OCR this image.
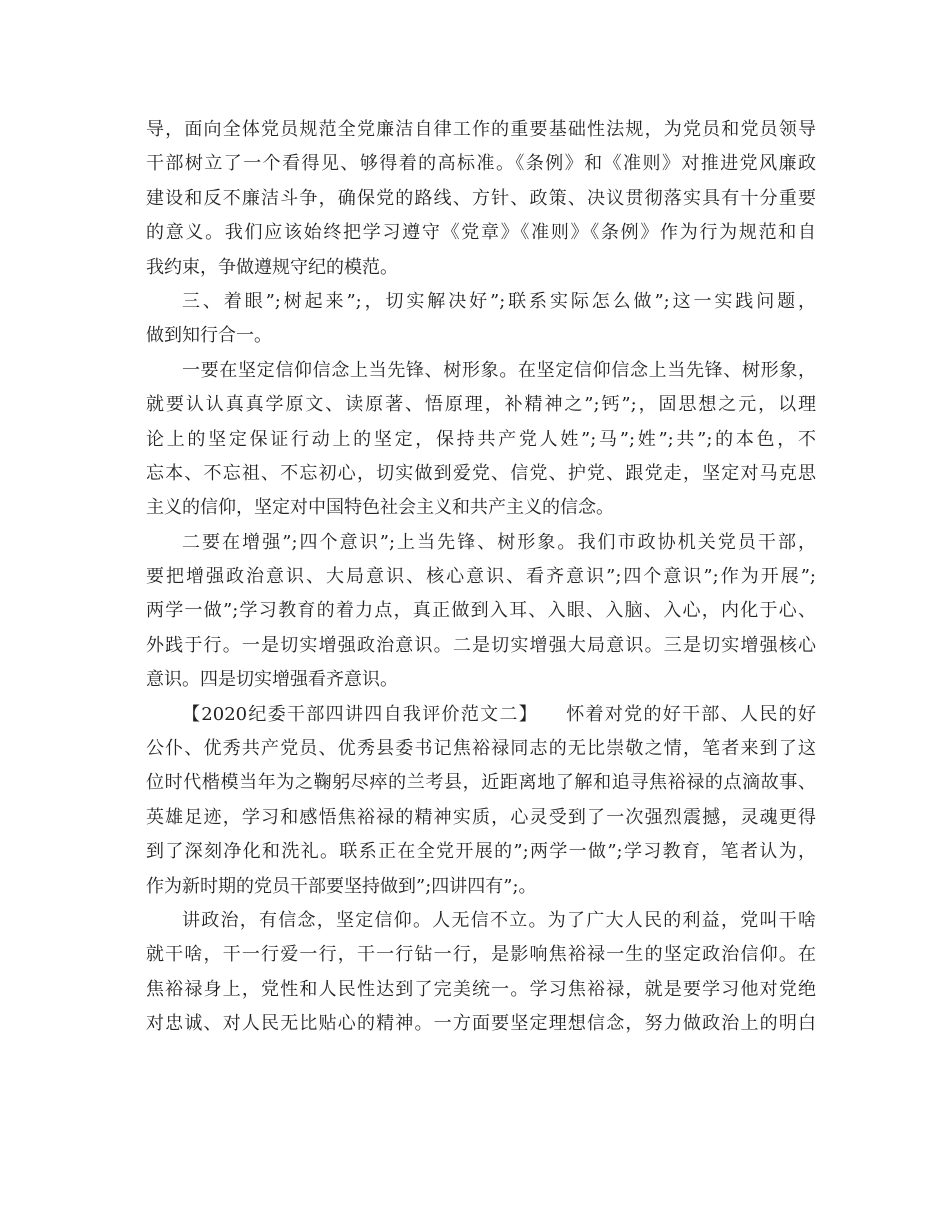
导，面向全体党员规范全党廉洁自律工作的重要基础性法规，为党员和党员领导
干部树立了一个看得见、够得着的高标准。《条例》和《准则》对推进党风廉政
建设和反不廉洁斗争，确保党的路线、方针、政策、决议贯彻落实具有十分重要
的意义。我们应该始终把学习遵守《党章》《准则》《条例》作为行为规范和自
我约束，争做遵规守纪的模范。
三、着眼”;树起来”;，切实解决好”;联系实际怎么做”;这一实践问题，
做到知行合一。
一要在坚定信仰信念上当先锋、树形象。在坚定信仰信念上当先锋、树形象，
就要认认真真学原文、读原著、悟原理，补精神之”;钙”;，固思想之元，以理
论上的坚定保证行动上的坚定，保持共产党人姓”;马”;姓”;共”;的本色，不
忘本、不忘祖、不忘初心，切实做到爱党、信党、护党、跟党走，坚定对马克思
主义的信仰，坚定对中国特色社会主义和共产主义的信念。
二要在增强”;四个意识”;上当先锋、树形象。我们市政协机关党员干部，
要把增强政治意识、大局意识、核心意识、看齐意识”;四个意识”;作为开展”;
两学一做”;学习教育的着力点，真正做到入耳、入眼、入脑、入心，内化于心、
外践于行。一是切实增强政治意识。二是切实增强大局意识。三是切实增强核心
意识。四是切实增强看齐意识。
【2020纪委干部四讲四自我评价范文二】    怀着对党的好干部、人民的好
公仆、优秀共产党员、优秀县委书记焦裕禄同志的无比崇敬之情，笔者来到了这
位时代楷模当年为之鞠躬尽瘁的兰考县，近距离地了解和追寻焦裕禄的点滴故事、
英雄足迹，学习和感悟焦裕禄的精神实质，心灵受到了一次强烈震撼，灵魂更得
到了深刻净化和洗礼。联系正在全党开展的”;两学一做”;学习教育，笔者认为，
作为新时期的党员干部要坚持做到”;四讲四有”;。
讲政治，有信念，坚定信仰。人无信不立。为了广大人民的利益，党叫干啥
就干啥，干一行爱一行，干一行钻一行，是影响焦裕禄一生的坚定政治信仰。在
焦裕禄身上，党性和人民性达到了完美统一。学习焦裕禄，就是要学习他对党绝
对忠诚、对人民无比贴心的精神。一方面要坚定理想信念，努力做政治上的明白
